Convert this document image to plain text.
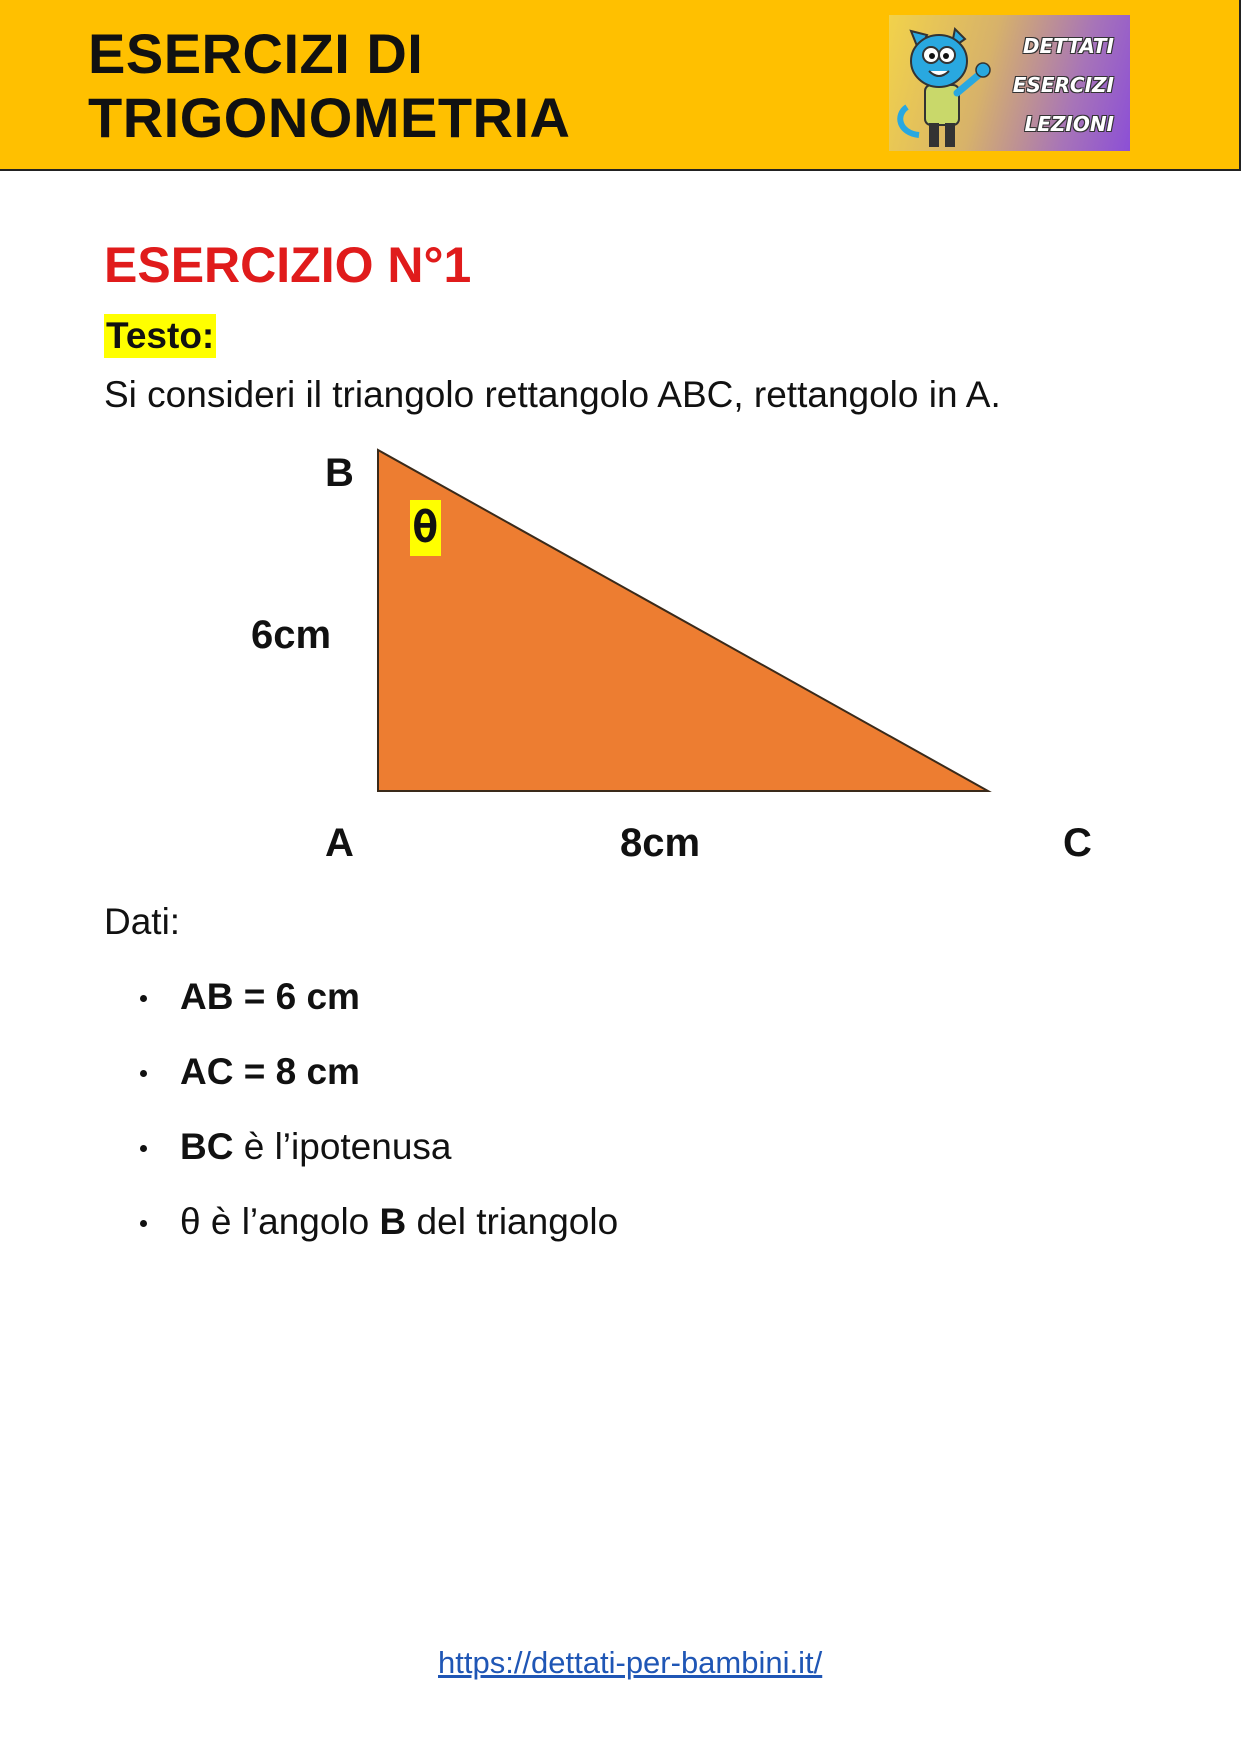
ESERCIZI DI
TRIGONOMETRIA
DETTATI
ESERCIZI
LEZIONI
ESERCIZIO N°1
Testo:
Si consideri il triangolo rettangolo ABC, rettangolo in A.
θ
B
6cm
A	8cm	C
Dati:
AB = 6 cm
AC = 8 cm
BC è l’ipotenusa
θ è l’angolo B del triangolo
https://dettati-per-bambini.it/
